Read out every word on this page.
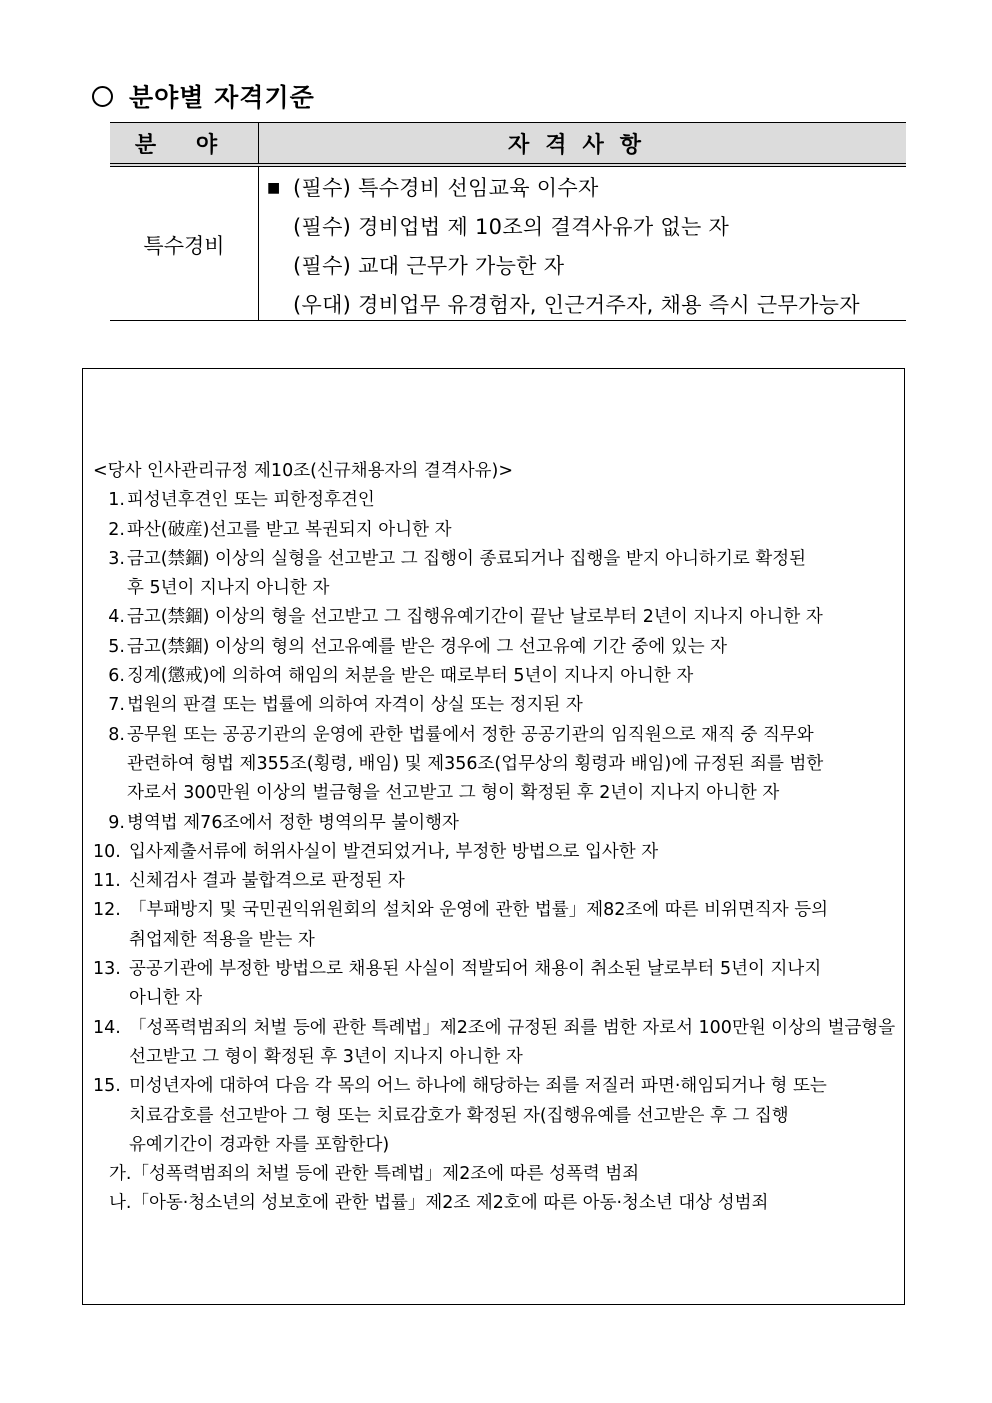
분야별 자격기준
분 야	자격사항
특수경비
■ (필수) 특수경비 선임교육 이수자
(필수) 경비업법 제 10조의 결격사유가 없는 자
(필수) 교대 근무가 가능한 자
(우대) 경비업무 유경험자, 인근거주자, 채용 즉시 근무가능자
<당사 인사관리규정 제10조(신규채용자의 결격사유)>
1. 피성년후견인 또는 피한정후견인
2. 파산(破産)선고를 받고 복권되지 아니한 자
3. 금고(禁錮) 이상의 실형을 선고받고 그 집행이 종료되거나 집행을 받지 아니하기로 확정된
후 5년이 지나지 아니한 자
4. 금고(禁錮) 이상의 형을 선고받고 그 집행유예기간이 끝난 날로부터 2년이 지나지 아니한 자
5. 금고(禁錮) 이상의 형의 선고유예를 받은 경우에 그 선고유예 기간 중에 있는 자
6. 징계(懲戒)에 의하여 해임의 처분을 받은 때로부터 5년이 지나지 아니한 자
7. 법원의 판결 또는 법률에 의하여 자격이 상실 또는 정지된 자
8. 공무원 또는 공공기관의 운영에 관한 법률에서 정한 공공기관의 임직원으로 재직 중 직무와
관련하여 형법 제355조(횡령, 배임) 및 제356조(업무상의 횡령과 배임)에 규정된 죄를 범한
자로서 300만원 이상의 벌금형을 선고받고 그 형이 확정된 후 2년이 지나지 아니한 자
9. 병역법 제76조에서 정한 병역의무 불이행자
10. 입사제출서류에 허위사실이 발견되었거나, 부정한 방법으로 입사한 자
11. 신체검사 결과 불합격으로 판정된 자
12. 「부패방지 및 국민권익위원회의 설치와 운영에 관한 법률」제82조에 따른 비위면직자 등의
취업제한 적용을 받는 자
13. 공공기관에 부정한 방법으로 채용된 사실이 적발되어 채용이 취소된 날로부터 5년이 지나지
아니한 자
14. 「성폭력범죄의 처벌 등에 관한 특례법」제2조에 규정된 죄를 범한 자로서 100만원 이상의 벌금형을
선고받고 그 형이 확정된 후 3년이 지나지 아니한 자
15. 미성년자에 대하여 다음 각 목의 어느 하나에 해당하는 죄를 저질러 파면·해임되거나 형 또는
치료감호를 선고받아 그 형 또는 치료감호가 확정된 자(집행유예를 선고받은 후 그 집행
유예기간이 경과한 자를 포함한다)
가.「성폭력범죄의 처벌 등에 관한 특례법」제2조에 따른 성폭력 범죄
나.「아동·청소년의 성보호에 관한 법률」제2조 제2호에 따른 아동·청소년 대상 성범죄
